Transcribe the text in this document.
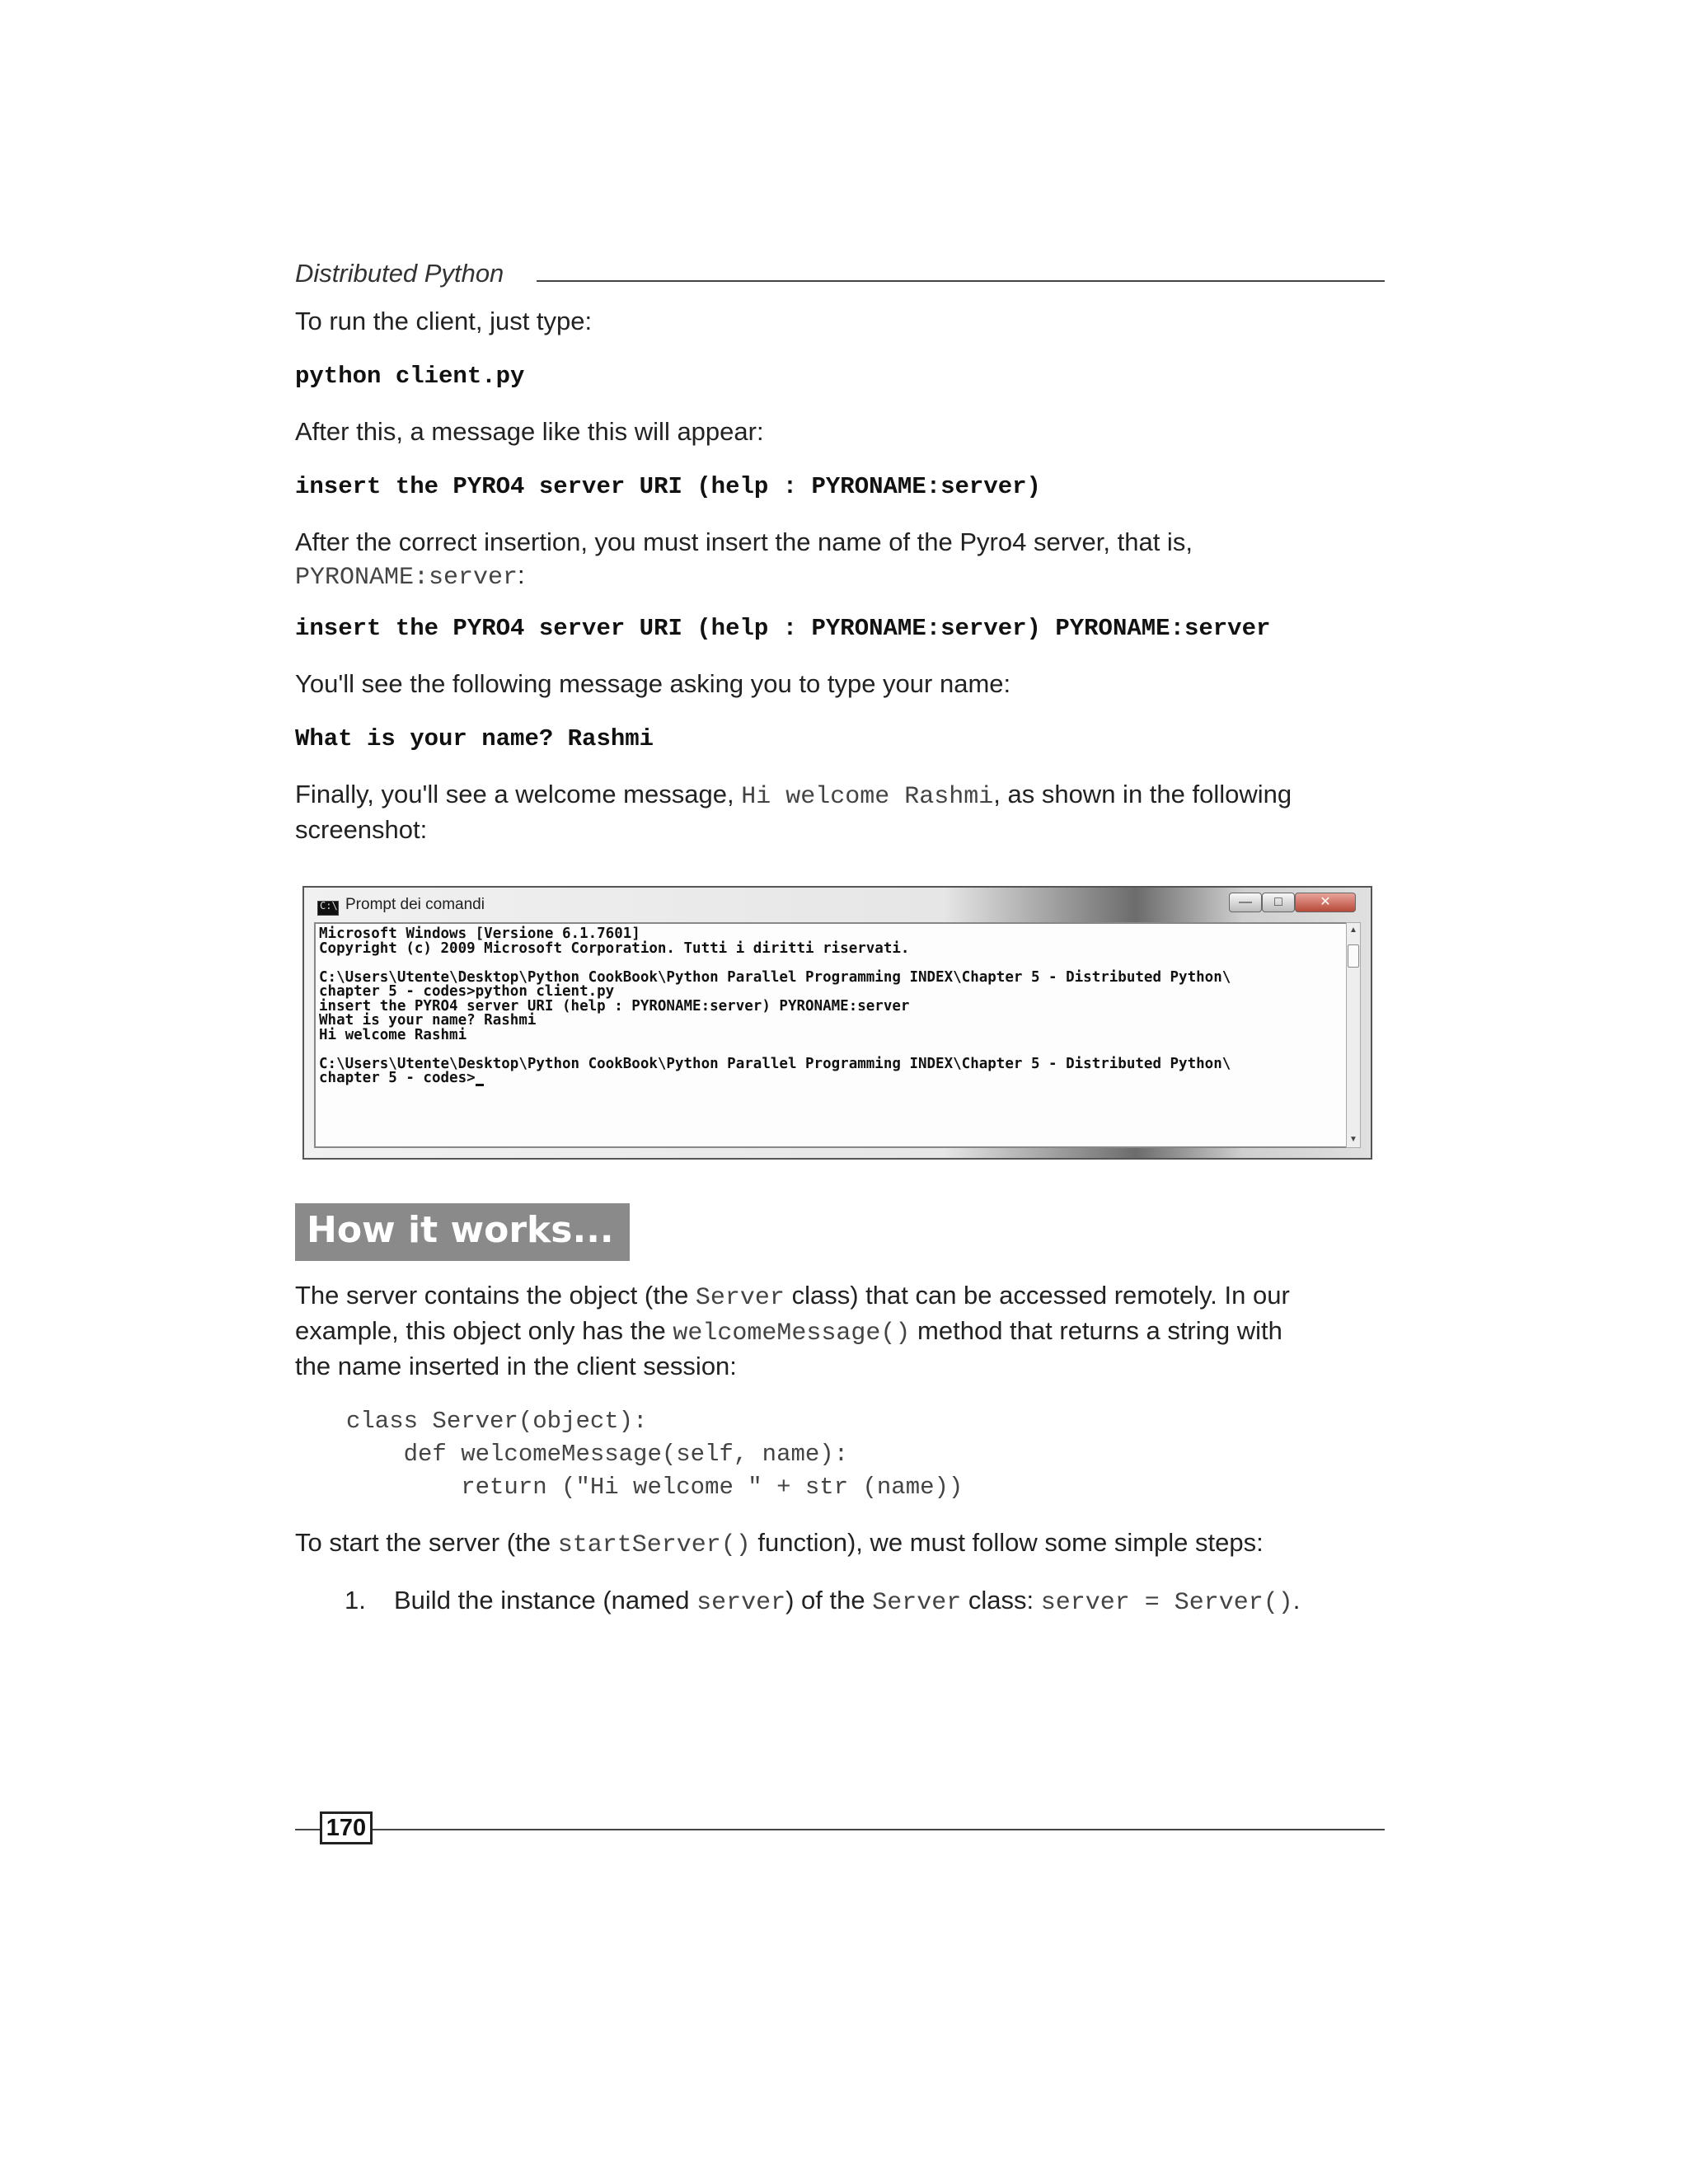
Distributed Python

To run the client, just type:

python client.py

After this, a message like this will appear:

insert the PYRO4 server URI (help : PYRONAME:server)

After the correct insertion, you must insert the name of the Pyro4 server, that is,
PYRONAME:server:

insert the PYRO4 server URI (help : PYRONAME:server) PYRONAME:server

You'll see the following message asking you to type your name:

What is your name? Rashmi

Finally, you'll see a welcome message, Hi welcome Rashmi, as shown in the following
screenshot:

C:\ Prompt dei comandi	—	□	✕
Microsoft Windows [Versione 6.1.7601]
Copyright (c) 2009 Microsoft Corporation. Tutti i diritti riservati.
C:\Users\Utente\Desktop\Python CookBook\Python Parallel Programming INDEX\Chapter 5 - Distributed Python\
chapter 5 - codes>python client.py
insert the PYRO4 server URI (help : PYRONAME:server) PYRONAME:server
What is your name? Rashmi
Hi welcome Rashmi
C:\Users\Utente\Desktop\Python CookBook\Python Parallel Programming INDEX\Chapter 5 - Distributed Python\
chapter 5 - codes>
▲
▼
How it works...

The server contains the object (the Server class) that can be accessed remotely. In our
example, this object only has the welcomeMessage() method that returns a string with
the name inserted in the client session:

class Server(object):

def welcomeMessage(self, name):

return ("Hi welcome " + str (name))

To start the server (the startServer() function), we must follow some simple steps:

1. Build the instance (named server) of the Server class: server = Server().

170
